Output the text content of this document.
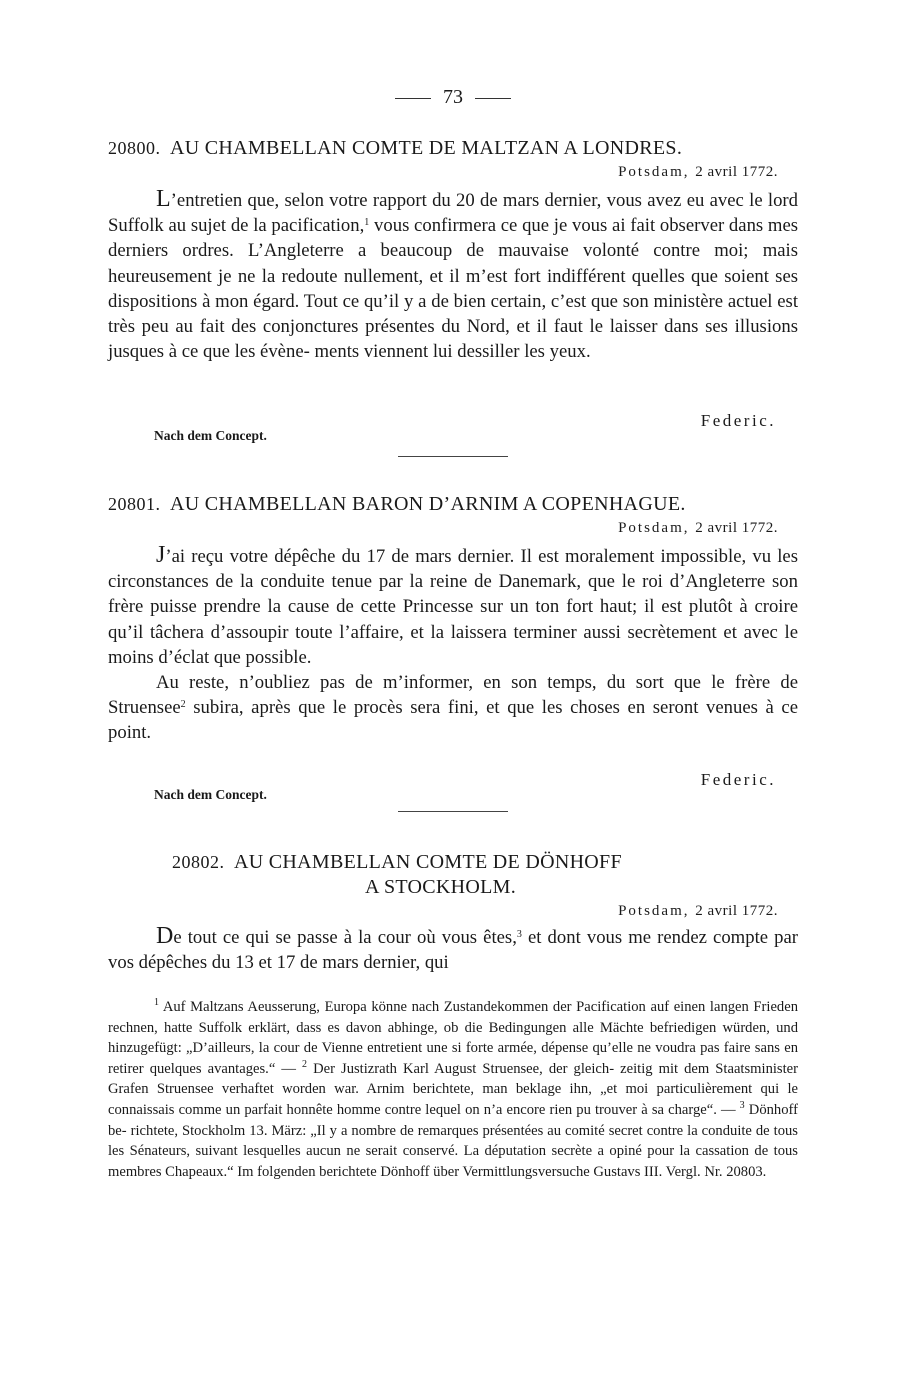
73
20800. AU CHAMBELLAN COMTE DE MALTZAN A LONDRES.
Potsdam, 2 avril 1772.

L’entretien que, selon votre rapport du 20 de mars dernier, vous avez eu avec le lord Suffolk au sujet de la pacification,$^1$ vous confirmera ce que je vous ai fait observer dans mes derniers ordres. L’Angleterre a beaucoup de mauvaise volonté contre moi; mais heureusement je ne la redoute nullement, et il m’est fort indifférent quelles que soient ses dispositions à mon égard. Tout ce qu’il y a de bien certain, c’est que son ministère actuel est très peu au fait des conjonctures présentes du Nord, et il faut le laisser dans ses illusions jusques à ce que les évène- ments viennent lui dessiller les yeux.

Federic.
Nach dem Concept.
20801. AU CHAMBELLAN BARON D’ARNIM A COPENHAGUE.
Potsdam, 2 avril 1772.

J’ai reçu votre dépêche du 17 de mars dernier. Il est moralement impossible, vu les circonstances de la conduite tenue par la reine de Danemark, que le roi d’Angleterre son frère puisse prendre la cause de cette Princesse sur un ton fort haut; il est plutôt à croire qu’il tâchera d’assoupir toute l’affaire, et la laissera terminer aussi secrètement et avec le moins d’éclat que possible.

Au reste, n’oubliez pas de m’informer, en son temps, du sort que le frère de Struensee$^2$ subira, après que le procès sera fini, et que les choses en seront venues à ce point.

Federic.
Nach dem Concept.
20802. AU CHAMBELLAN COMTE DE DÖNHOFF
A STOCKHOLM.
Potsdam, 2 avril 1772.

De tout ce qui se passe à la cour où vous êtes,$^3$ et dont vous me rendez compte par vos dépêches du 13 et 17 de mars dernier, qui

$^1$ Auf Maltzans Aeusserung, Europa könne nach Zustandekommen der Pacification auf einen langen Frieden rechnen, hatte Suffolk erklärt, dass es davon abhinge, ob die Bedingungen alle Mächte befriedigen würden, und hinzugefügt: „D’ailleurs, la cour de Vienne entretient une si forte armée, dépense qu’elle ne voudra pas faire sans en retirer quelques avantages.“ — $^2$ Der Justizrath Karl August Struensee, der gleich- zeitig mit dem Staatsminister Grafen Struensee verhaftet worden war. Arnim berichtete, man beklage ihn, „et moi particulièrement qui le connaissais comme un parfait honnête homme contre lequel on n’a encore rien pu trouver à sa charge“. — $^3$ Dönhoff be- richtete, Stockholm 13. März: „Il y a nombre de remarques présentées au comité secret contre la conduite de tous les Sénateurs, suivant lesquelles aucun ne serait conservé. La députation secrète a opiné pour la cassation de tous membres Chapeaux.“ Im folgenden berichtete Dönhoff über Vermittlungsversuche Gustavs III. Vergl. Nr. 20803.
